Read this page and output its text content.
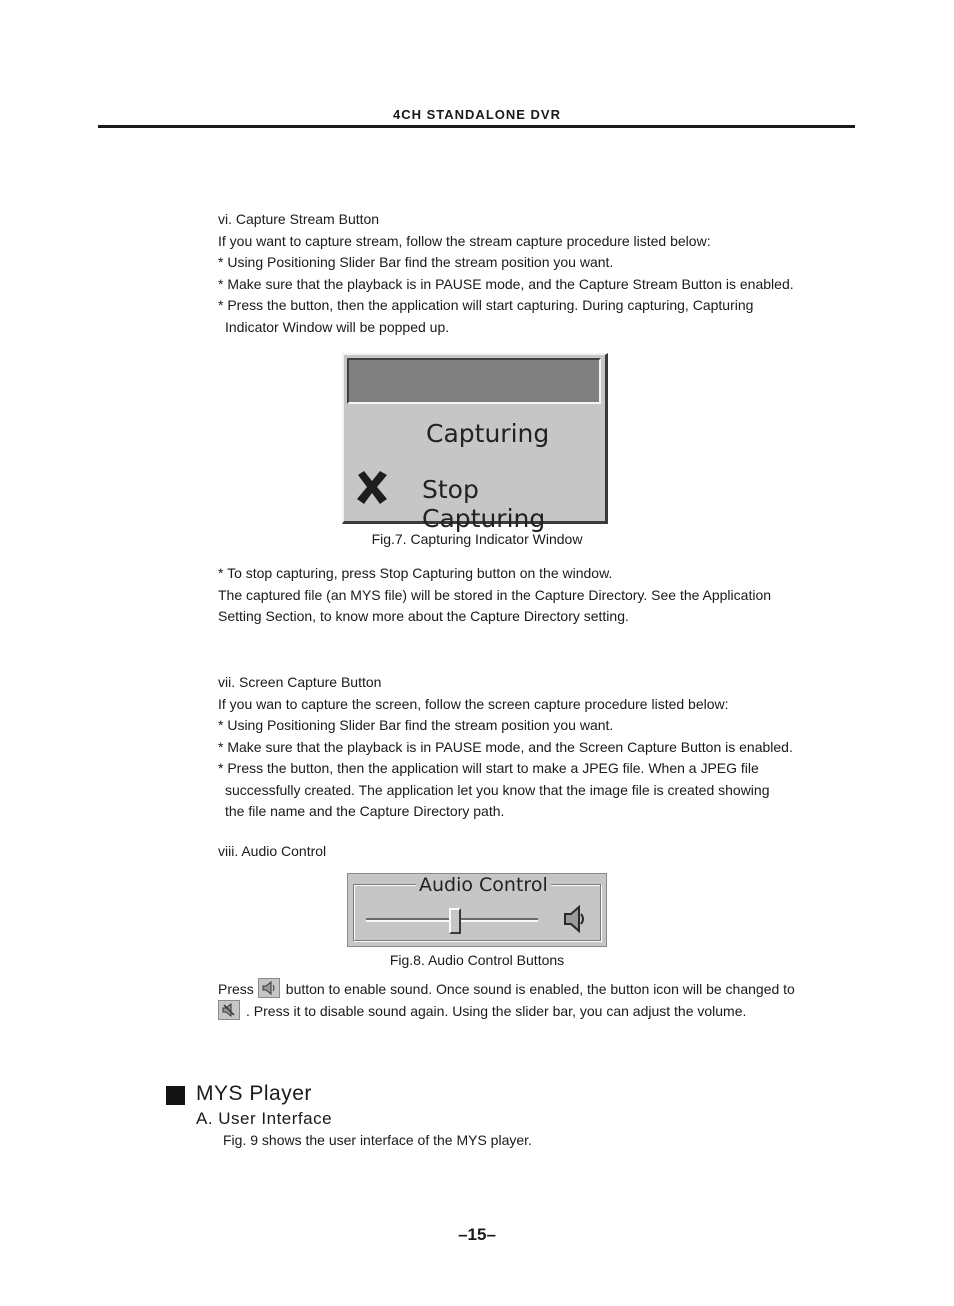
4CH STANDALONE DVR
vi. Capture Stream Button
If you want to capture stream, follow the stream capture procedure listed below:
* Using Positioning Slider Bar find the stream position you want.
* Make sure that the playback is in PAUSE mode, and the Capture Stream Button is enabled.
* Press the button, then the application will start capturing. During capturing, Capturing
Indicator Window will be popped up.
Capturing
Stop Capturing
Fig.7. Capturing Indicator Window
* To stop capturing, press Stop Capturing button on the window.
The captured file (an MYS file) will be stored in the Capture Directory. See the Application
Setting Section, to know more about the Capture Directory setting.
vii. Screen Capture Button
If you wan to capture the screen, follow the screen capture procedure listed below:
* Using Positioning Slider Bar find the stream position you want.
* Make sure that the playback is in PAUSE mode, and the Screen Capture Button is enabled.
* Press the button, then the application will start to make a JPEG file. When a JPEG file
successfully created. The application let you know that the image file is created showing
the file name and the Capture Directory path.
viii. Audio Control
Audio Control
Fig.8. Audio Control Buttons
Press button to enable sound. Once sound is enabled, the button icon will be changed to
. Press it to disable sound again. Using the slider bar, you can adjust the volume.
MYS Player
A. User Interface
Fig. 9 shows the user interface of the MYS player.
–15–
